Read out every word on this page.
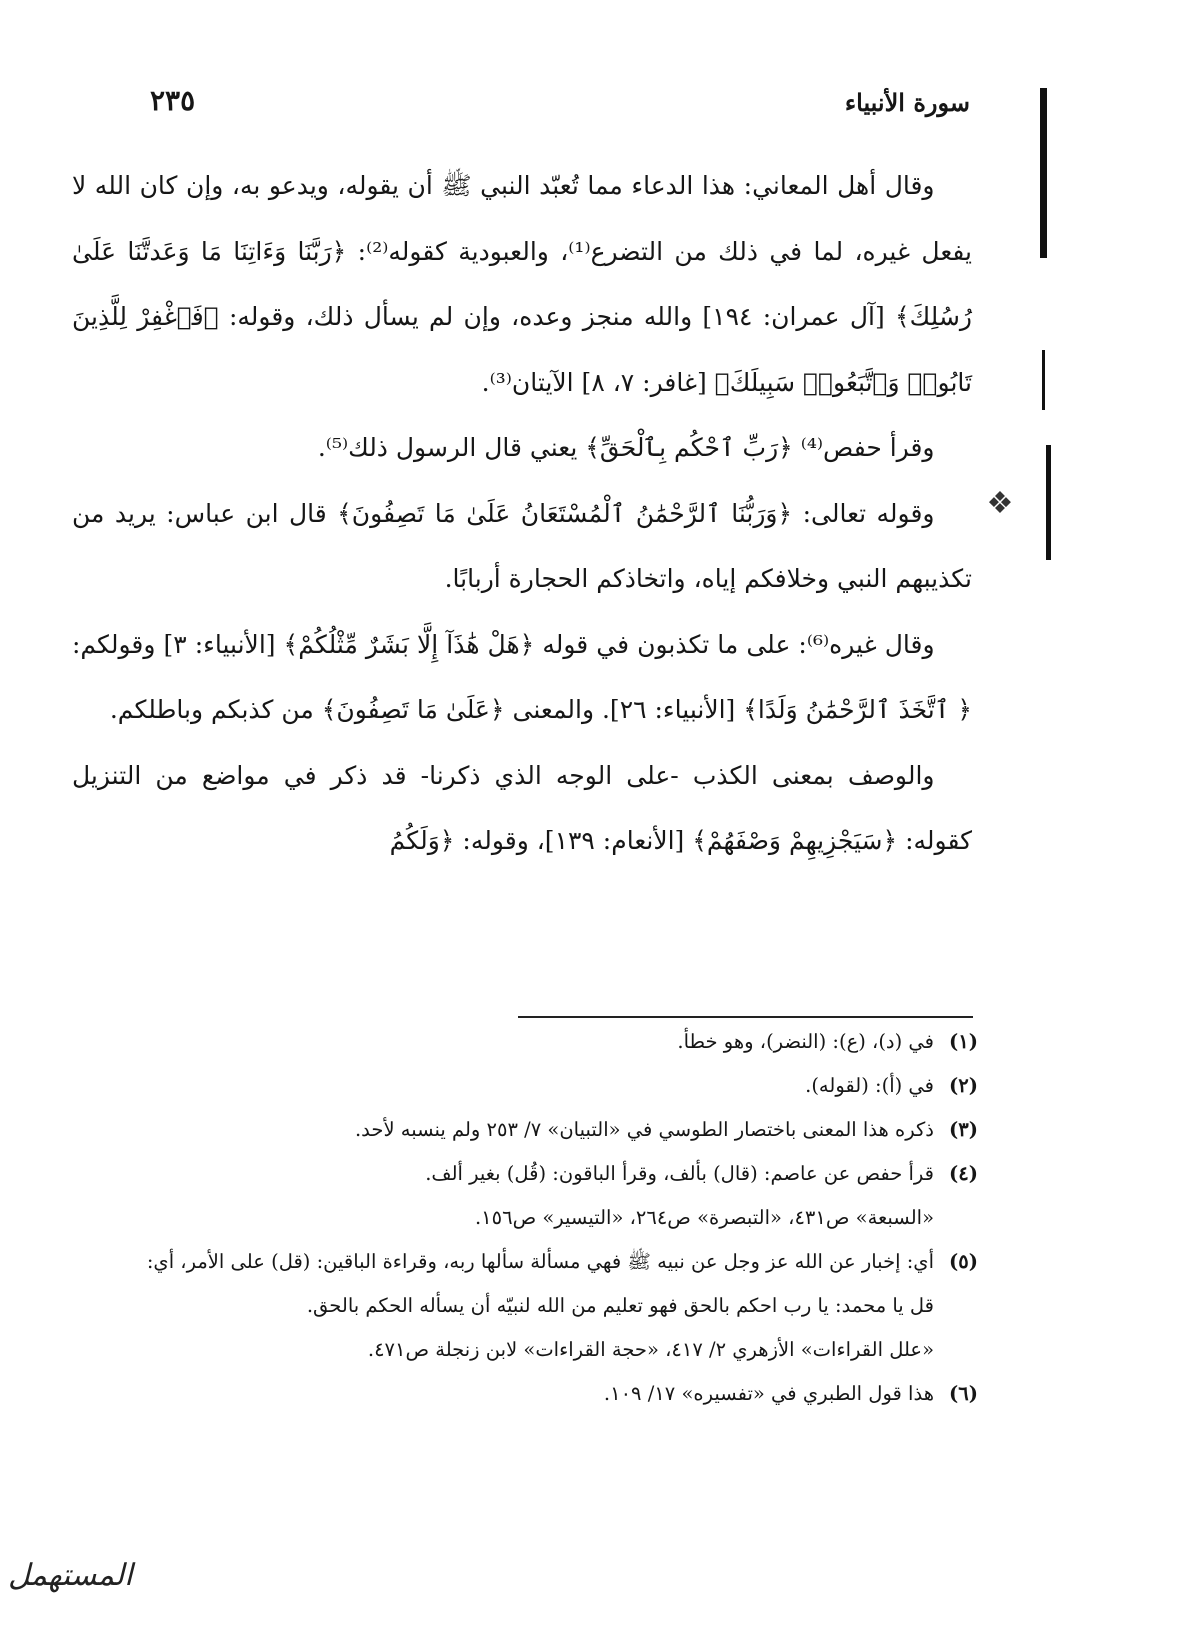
سورة الأنبياء
٢٣٥
❖

وقال أهل المعاني: هذا الدعاء مما تُعبّد النبي ﷺ أن يقوله، ويدعو به، وإن كان الله لا يفعل غيره، لما في ذلك من التضرع⁽¹⁾، والعبودية كقوله⁽²⁾: ﴿رَبَّنَا وَءَاتِنَا مَا وَعَدتَّنَا عَلَىٰ رُسُلِكَ﴾ [آل عمران: ١٩٤] والله منجز وعده، وإن لم يسأل ذلك، وقوله: ﴿فَٱغْفِرْ لِلَّذِينَ تَابُوا۟ وَٱتَّبَعُوا۟ سَبِيلَكَ﴾ [غافر: ٧، ٨] الآيتان⁽³⁾.

وقرأ حفص⁽⁴⁾ ﴿رَبِّ ٱحْكُم بِٱلْحَقِّ﴾ يعني قال الرسول ذلك⁽⁵⁾.

وقوله تعالى: ﴿وَرَبُّنَا ٱلرَّحْمَٰنُ ٱلْمُسْتَعَانُ عَلَىٰ مَا تَصِفُونَ﴾ قال ابن عباس: يريد من تكذيبهم النبي وخلافكم إياه، واتخاذكم الحجارة أربابًا.

وقال غيره⁽⁶⁾: على ما تكذبون في قوله ﴿هَلْ هَٰذَآ إِلَّا بَشَرٌ مِّثْلُكُمْ﴾ [الأنبياء: ٣] وقولكم: ﴿ ٱتَّخَذَ ٱلرَّحْمَٰنُ وَلَدًا﴾ [الأنبياء: ٢٦]. والمعنى ﴿عَلَىٰ مَا تَصِفُونَ﴾ من كذبكم وباطلكم.

والوصف بمعنى الكذب -على الوجه الذي ذكرنا- قد ذكر في مواضع من التنزيل كقوله: ﴿سَيَجْزِيهِمْ وَصْفَهُمْ﴾ [الأنعام: ١٣٩]، وقوله: ﴿وَلَكُمُ

(١)
في (د)، (ع): (النضر)، وهو خطأ.
(٢)
في (أ): (لقوله).
(٣)
ذكره هذا المعنى باختصار الطوسي في «التبيان» ٧/ ٢٥٣ ولم ينسبه لأحد.
(٤)
قرأ حفص عن عاصم: (قال) بألف، وقرأ الباقون: (قُل) بغير ألف.
«السبعة» ص٤٣١، «التبصرة» ص٢٦٤، «التيسير» ص١٥٦.
(٥)
أي: إخبار عن الله عز وجل عن نبيه ﷺ فهي مسألة سألها ربه، وقراءة الباقين: (قل) على الأمر، أي: قل يا محمد: يا رب احكم بالحق فهو تعليم من الله لنبيّه أن يسأله الحكم بالحق.
«علل القراءات» الأزهري ٢/ ٤١٧، «حجة القراءات» لابن زنجلة ص٤٧١.
(٦)
هذا قول الطبري في «تفسيره» ١٧/ ١٠٩.
المستهمل
